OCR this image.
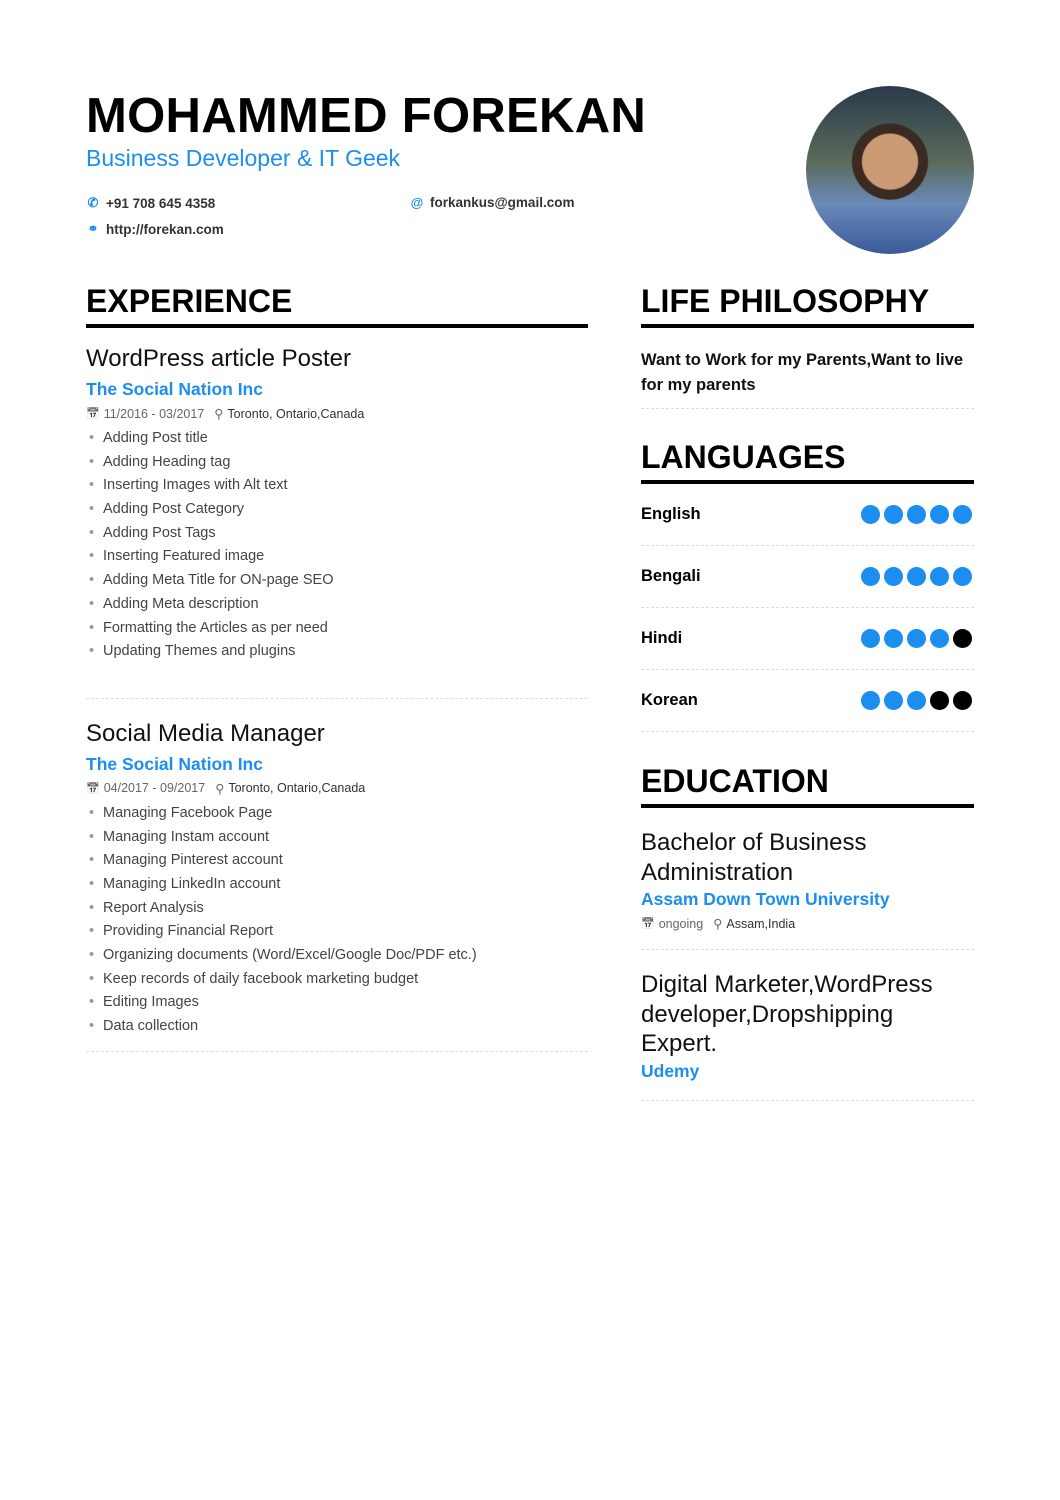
MOHAMMED FOREKAN
Business Developer & IT Geek
✆ +91 708 645 4358	@ forkankus@gmail.com
⚭ http://forekan.com
EXPERIENCE
WordPress article Poster
The Social Nation Inc
📅 11/2016 - 03/2017 ⚲ Toronto, Ontario,Canada
• Adding Post title
• Adding Heading tag
• Inserting Images with Alt text
• Adding Post Category
• Adding Post Tags
• Inserting Featured image
• Adding Meta Title for ON-page SEO
• Adding Meta description
• Formatting the Articles as per need
• Updating Themes and plugins
Social Media Manager
The Social Nation Inc
📅 04/2017 - 09/2017 ⚲ Toronto, Ontario,Canada
• Managing Facebook Page
• Managing Instam account
• Managing Pinterest account
• Managing LinkedIn account
• Report Analysis
• Providing Financial Report
• Organizing documents (Word/Excel/Google Doc/PDF etc.)
• Keep records of daily facebook marketing budget
• Editing Images
• Data collection
LIFE PHILOSOPHY
Want to Work for my Parents,Want to live for my parents
LANGUAGES
English
Bengali
Hindi
Korean
EDUCATION
Bachelor of Business Administration
Assam Down Town University
📅 ongoing ⚲ Assam,India
Digital Marketer,WordPress developer,Dropshipping Expert.
Udemy
